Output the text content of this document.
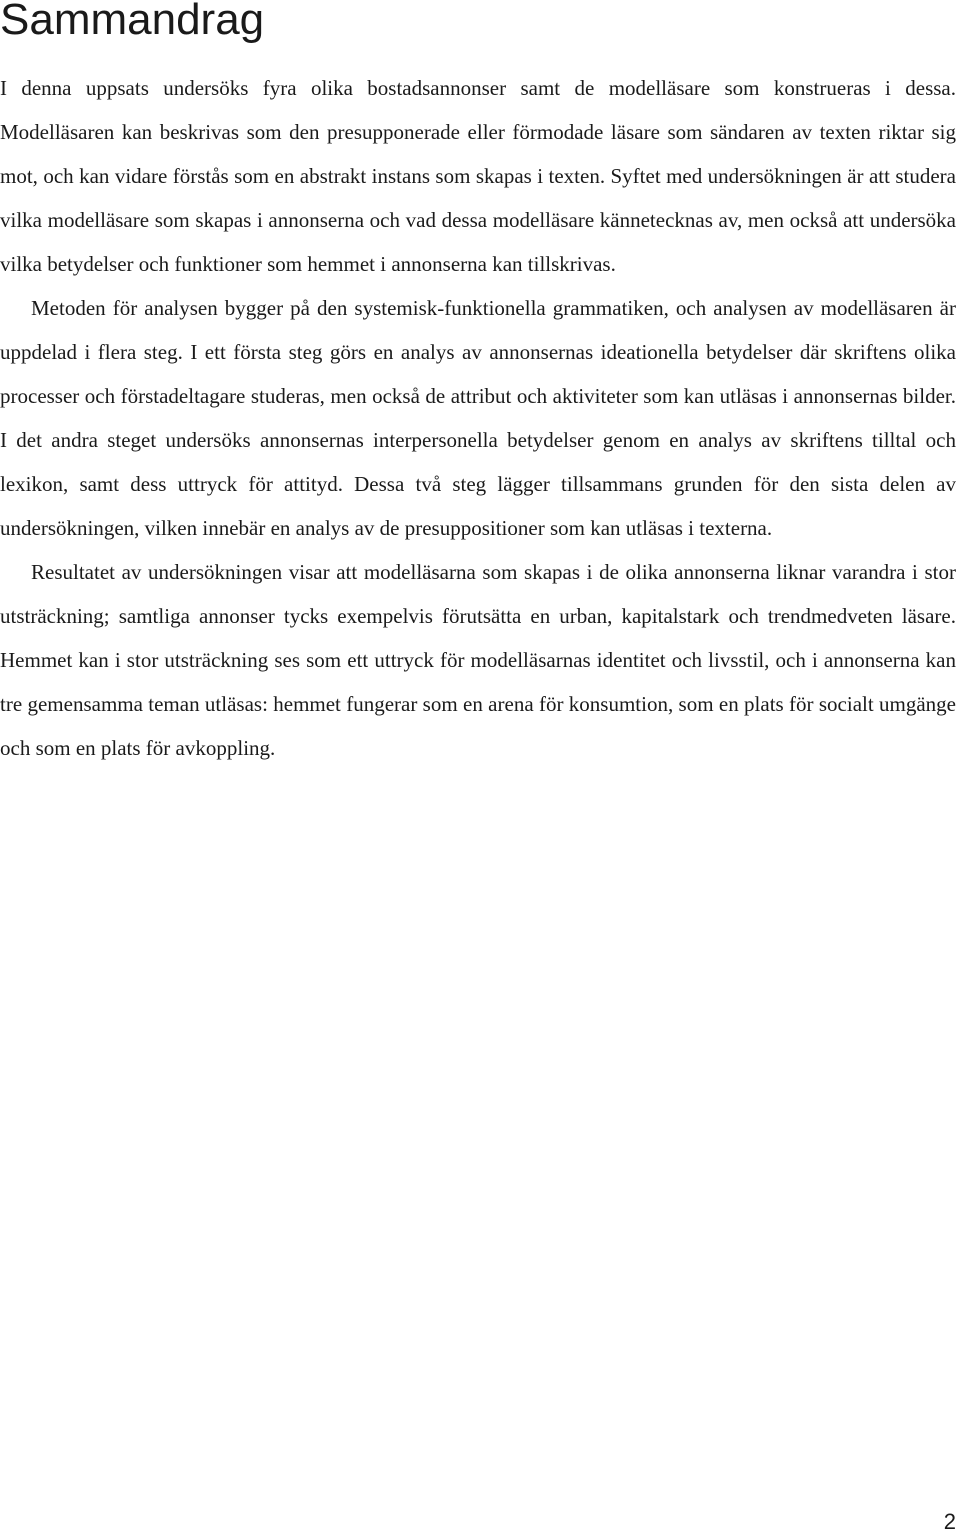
Sammandrag

I denna uppsats undersöks fyra olika bostadsannonser samt de modelläsare som konstrueras i dessa. Modelläsaren kan beskrivas som den presupponerade eller förmodade läsare som sändaren av texten riktar sig mot, och kan vidare förstås som en abstrakt instans som skapas i texten. Syftet med undersökningen är att studera vilka modelläsare som skapas i annonserna och vad dessa modelläsare kännetecknas av, men också att undersöka vilka betydelser och funktioner som hemmet i annonserna kan tillskrivas.

Metoden för analysen bygger på den systemisk-funktionella grammatiken, och analysen av modelläsaren är uppdelad i flera steg. I ett första steg görs en analys av annonsernas ideationella betydelser där skriftens olika processer och förstadeltagare studeras, men också de attribut och aktiviteter som kan utläsas i annonsernas bilder. I det andra steget undersöks annonsernas interpersonella betydelser genom en analys av skriftens tilltal och lexikon, samt dess uttryck för attityd. Dessa två steg lägger tillsammans grunden för den sista delen av undersökningen, vilken innebär en analys av de presuppositioner som kan utläsas i texterna.

Resultatet av undersökningen visar att modelläsarna som skapas i de olika annonserna liknar varandra i stor utsträckning; samtliga annonser tycks exempelvis förutsätta en urban, kapitalstark och trendmedveten läsare. Hemmet kan i stor utsträckning ses som ett uttryck för modelläsarnas identitet och livsstil, och i annonserna kan tre gemensamma teman utläsas: hemmet fungerar som en arena för konsumtion, som en plats för socialt umgänge och som en plats för avkoppling.

2
